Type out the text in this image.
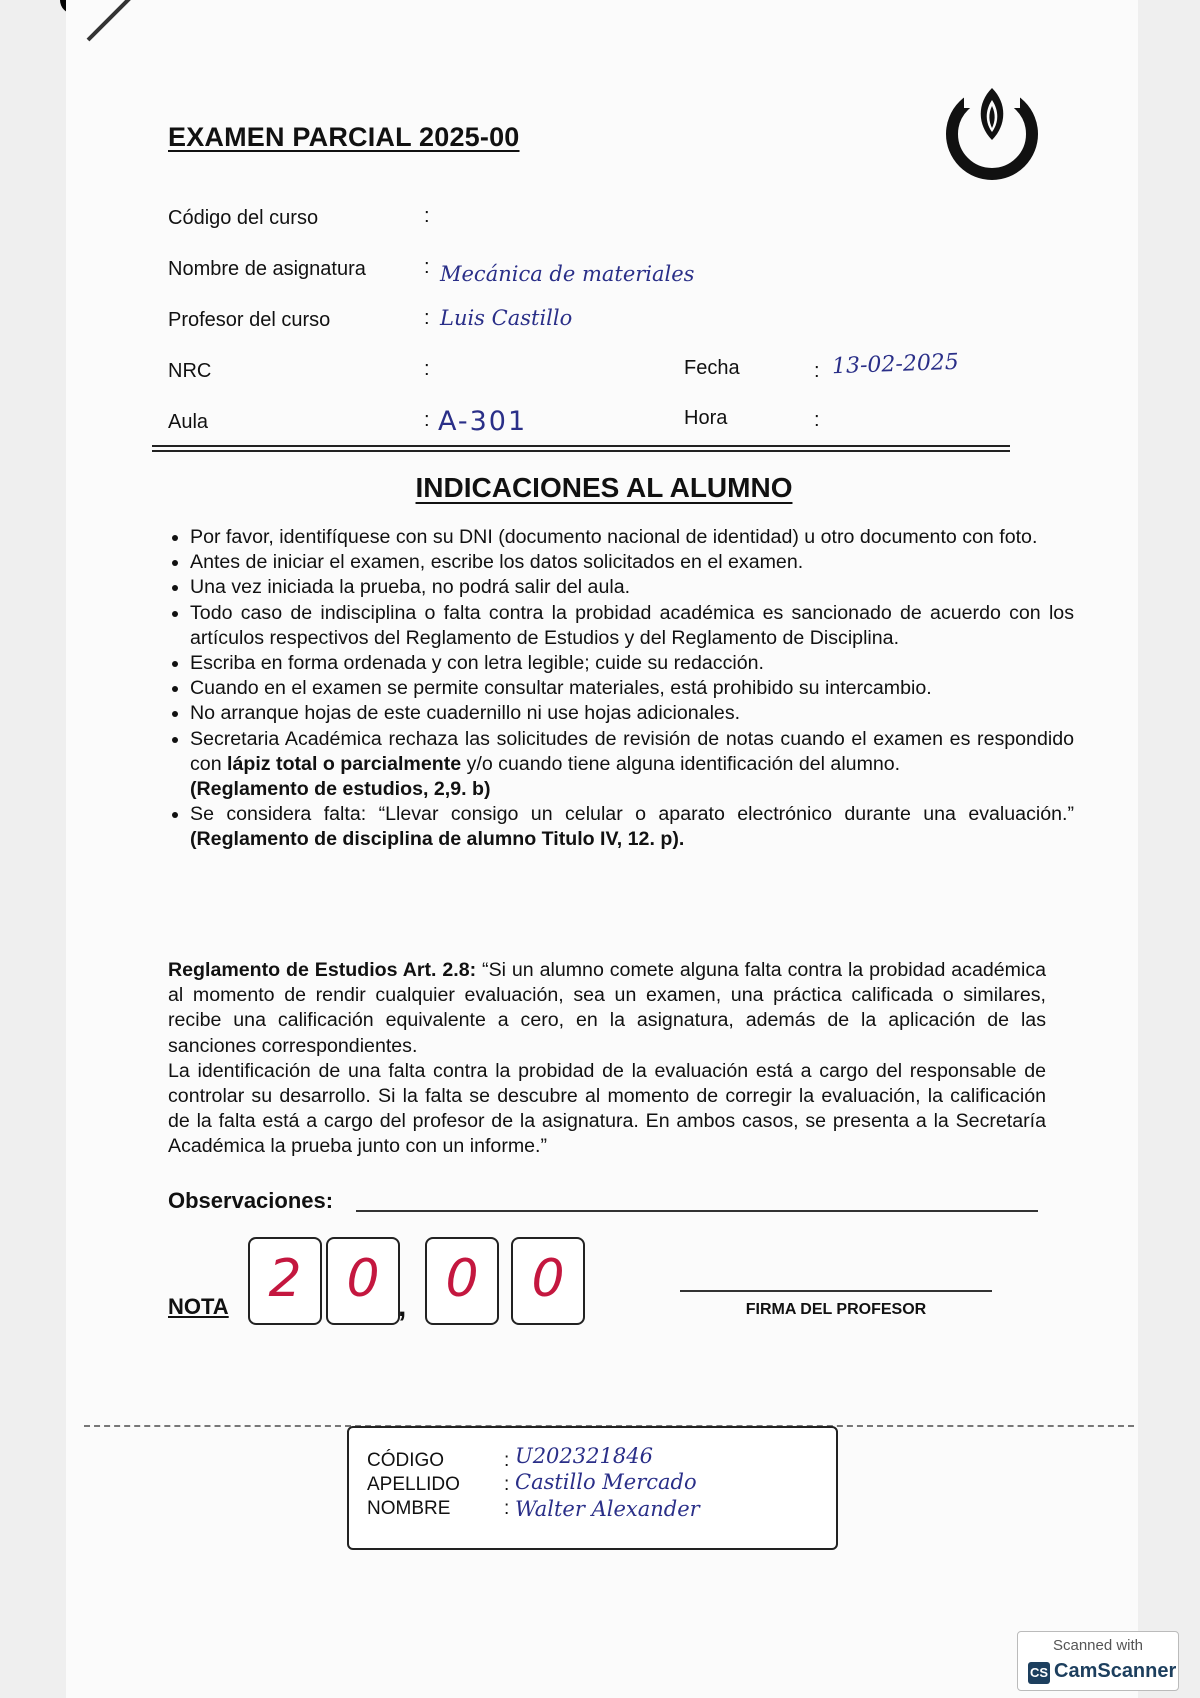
EXAMEN PARCIAL 2025-00
Código del curso	:
Nombre de asignatura	: Mecánica de materiales
Profesor del curso	: Luis Castillo
NRC	:	Fecha	: 13-02-2025
Aula	: A-301	Hora	:
INDICACIONES AL ALUMNO
• Por favor, identifíquese con su DNI (documento nacional de identidad) u otro documento con foto.
• Antes de iniciar el examen, escribe los datos solicitados en el examen.
• Una vez iniciada la prueba, no podrá salir del aula.
• Todo caso de indisciplina o falta contra la probidad académica es sancionado de acuerdo con los artículos respectivos del Reglamento de Estudios y del Reglamento de Disciplina.
• Escriba en forma ordenada y con letra legible; cuide su redacción.
• Cuando en el examen se permite consultar materiales, está prohibido su intercambio.
• No arranque hojas de este cuadernillo ni use hojas adicionales.
• Secretaria Académica rechaza las solicitudes de revisión de notas cuando el examen es respondido con lápiz total o parcialmente y/o cuando tiene alguna identificación del alumno.
(Reglamento de estudios, 2,9. b)
• Se considera falta: “Llevar consigo un celular o aparato electrónico durante una evaluación.” (Reglamento de disciplina de alumno Titulo IV, 12. p).

Reglamento de Estudios Art. 2.8: “Si un alumno comete alguna falta contra la probidad académica al momento de rendir cualquier evaluación, sea un examen, una práctica calificada o similares, recibe una calificación equivalente a cero, en la asignatura, además de la aplicación de las sanciones correspondientes.

La identificación de una falta contra la probidad de la evaluación está a cargo del responsable de controlar su desarrollo. Si la falta se descubre al momento de corregir la evaluación, la calificación de la falta está a cargo del profesor de la asignatura. En ambos casos, se presenta a la Secretaría Académica la prueba junto con un informe.”

Observaciones:
NOTA 2 0 , 0	0
FIRMA DEL PROFESOR
CÓDIGO	: U202321846
APELLIDO : Castillo Mercado
NOMBRE	: Walter Alexander
Scanned with
CS CamScanner
